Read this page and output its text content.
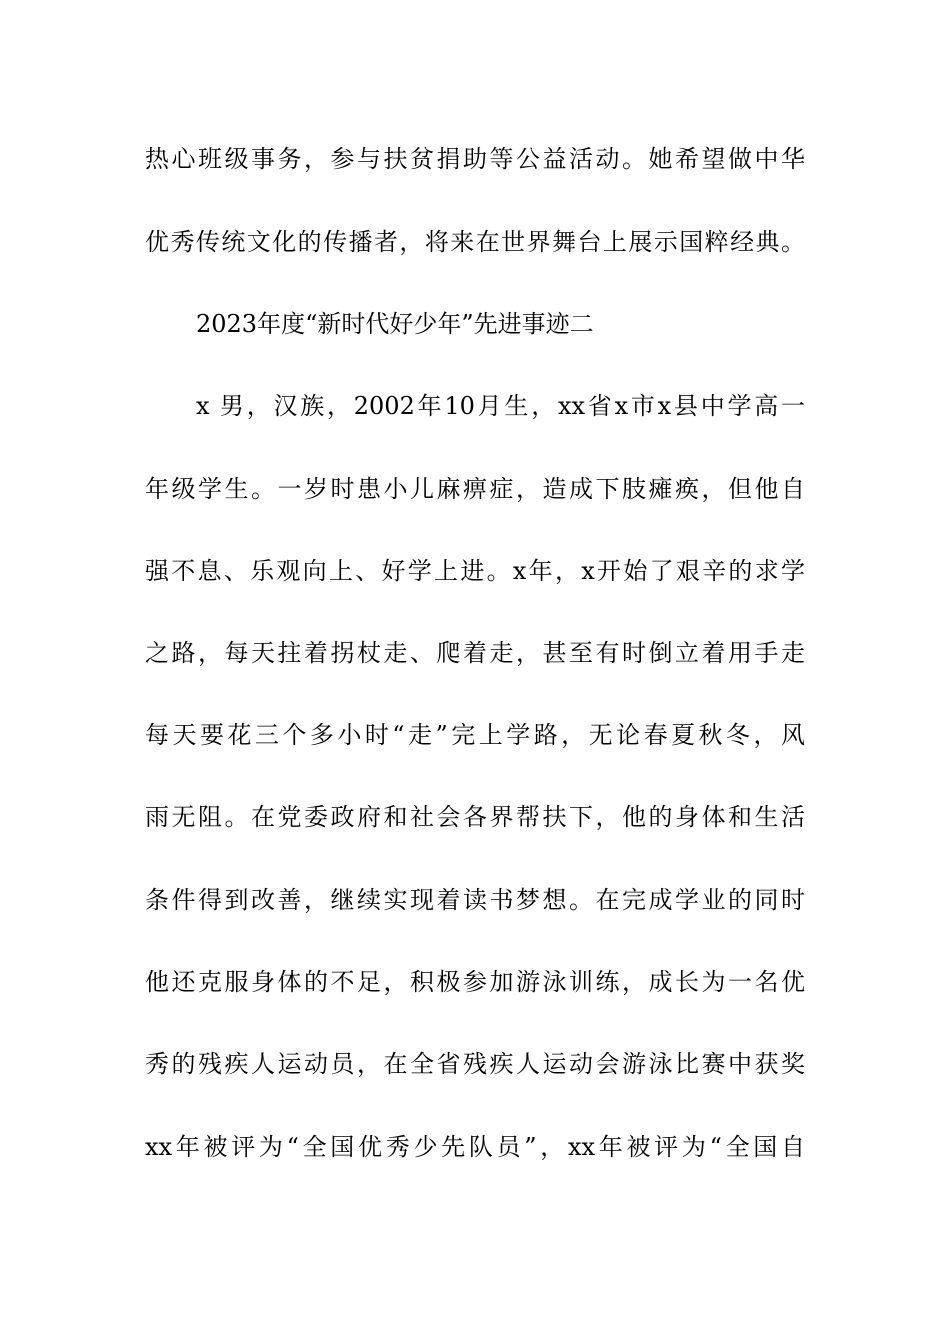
热心班级事务，参与扶贫捐助等公益活动。她希望做中华
优秀传统文化的传播者，将来在世界舞台上展示国粹经典。
2023年度“新时代好少年”先进事迹二
x 男，汉族，2002年10月生，xx省x市x县中学高一
年级学生。一岁时患小儿麻痹症，造成下肢瘫痪，但他自
强不息、乐观向上、好学上进。x年，x开始了艰辛的求学
之路，每天拄着拐杖走、爬着走，甚至有时倒立着用手走
每天要花三个多小时“走”完上学路，无论春夏秋冬，风
雨无阻。在党委政府和社会各界帮扶下，他的身体和生活
条件得到改善，继续实现着读书梦想。在完成学业的同时
他还克服身体的不足，积极参加游泳训练，成长为一名优
秀的残疾人运动员，在全省残疾人运动会游泳比赛中获奖
xx年被评为“全国优秀少先队员”，xx年被评为“全国自
